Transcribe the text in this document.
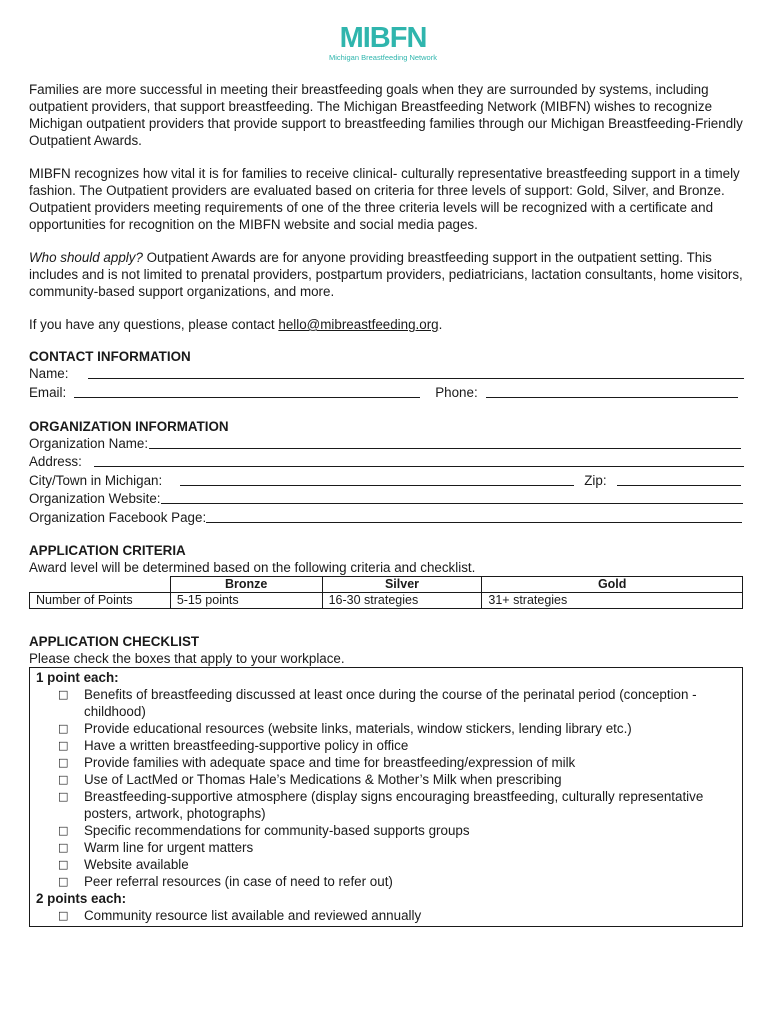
MIBFN
Michigan Breastfeeding Network

Families are more successful in meeting their breastfeeding goals when they are surrounded by systems, including outpatient providers, that support breastfeeding. The Michigan Breastfeeding Network (MIBFN) wishes to recognize Michigan outpatient providers that provide support to breastfeeding families through our Michigan Breastfeeding-Friendly Outpatient Awards.

MIBFN recognizes how vital it is for families to receive clinical- culturally representative breastfeeding support in a timely fashion. The Outpatient providers are evaluated based on criteria for three levels of support: Gold, Silver, and Bronze. Outpatient providers meeting requirements of one of the three criteria levels will be recognized with a certificate and opportunities for recognition on the MIBFN website and social media pages.

Who should apply? Outpatient Awards are for anyone providing breastfeeding support in the outpatient setting. This includes and is not limited to prenatal providers, postpartum providers, pediatricians, lactation consultants, home visitors, community-based support organizations, and more.

If you have any questions, please contact hello@mibreastfeeding.org.

CONTACT INFORMATION
Name:
Email:	Phone:
ORGANIZATION INFORMATION
Organization Name:
Address:
City/Town in Michigan:	Zip:
Organization Website:
Organization Facebook Page:
APPLICATION CRITERIA
Award level will be determined based on the following criteria and checklist.
	Bronze	Silver	Gold
Number of Points	5-15 points	16-30 strategies	31+ strategies
APPLICATION CHECKLIST
Please check the boxes that apply to your workplace.
1 point each:
□	Benefits of breastfeeding discussed at least once during the course of the perinatal period (conception - childhood)
□	Provide educational resources (website links, materials, window stickers, lending library etc.)
□	Have a written breastfeeding-supportive policy in office
□	Provide families with adequate space and time for breastfeeding/expression of milk
□	Use of LactMed or Thomas Hale’s Medications & Mother’s Milk when prescribing
□	Breastfeeding-supportive atmosphere (display signs encouraging breastfeeding, culturally representative posters, artwork, photographs)
□	Specific recommendations for community-based supports groups
□	Warm line for urgent matters
□	Website available
□	Peer referral resources (in case of need to refer out)
2 points each:
□	Community resource list available and reviewed annually
